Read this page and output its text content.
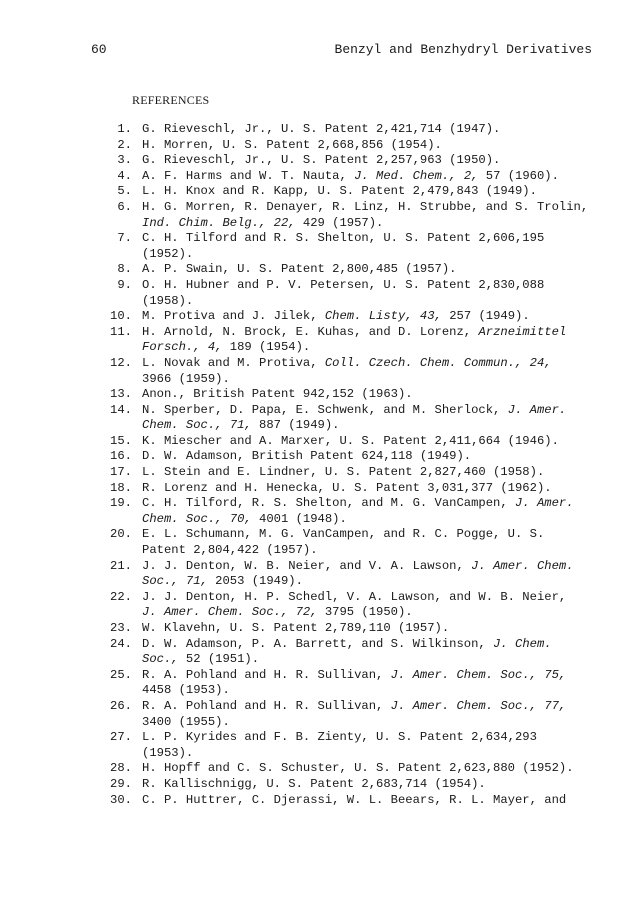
60	Benzyl and Benzhydryl Derivatives
REFERENCES
1. G. Rieveschl, Jr., U. S. Patent 2,421,714 (1947).
2. H. Morren, U. S. Patent 2,668,856 (1954).
3. G. Rieveschl, Jr., U. S. Patent 2,257,963 (1950).
4. A. F. Harms and W. T. Nauta, J. Med. Chem., 2, 57 (1960).
5. L. H. Knox and R. Kapp, U. S. Patent 2,479,843 (1949).
6. H. G. Morren, R. Denayer, R. Linz, H. Strubbe, and S. Trolin,
Ind. Chim. Belg., 22, 429 (1957).
7. C. H. Tilford and R. S. Shelton, U. S. Patent 2,606,195
(1952).
8. A. P. Swain, U. S. Patent 2,800,485 (1957).
9. O. H. Hubner and P. V. Petersen, U. S. Patent 2,830,088
(1958).
10. M. Protiva and J. Jilek, Chem. Listy, 43, 257 (1949).
11. H. Arnold, N. Brock, E. Kuhas, and D. Lorenz, Arzneimittel
Forsch., 4, 189 (1954).
12. L. Novak and M. Protiva, Coll. Czech. Chem. Commun., 24,
3966 (1959).
13. Anon., British Patent 942,152 (1963).
14. N. Sperber, D. Papa, E. Schwenk, and M. Sherlock, J. Amer.
Chem. Soc., 71, 887 (1949).
15. K. Miescher and A. Marxer, U. S. Patent 2,411,664 (1946).
16. D. W. Adamson, British Patent 624,118 (1949).
17. L. Stein and E. Lindner, U. S. Patent 2,827,460 (1958).
18. R. Lorenz and H. Henecka, U. S. Patent 3,031,377 (1962).
19. C. H. Tilford, R. S. Shelton, and M. G. VanCampen, J. Amer.
Chem. Soc., 70, 4001 (1948).
20. E. L. Schumann, M. G. VanCampen, and R. C. Pogge, U. S.
Patent 2,804,422 (1957).
21. J. J. Denton, W. B. Neier, and V. A. Lawson, J. Amer. Chem.
Soc., 71, 2053 (1949).
22. J. J. Denton, H. P. Schedl, V. A. Lawson, and W. B. Neier,
J. Amer. Chem. Soc., 72, 3795 (1950).
23. W. Klavehn, U. S. Patent 2,789,110 (1957).
24. D. W. Adamson, P. A. Barrett, and S. Wilkinson, J. Chem.
Soc., 52 (1951).
25. R. A. Pohland and H. R. Sullivan, J. Amer. Chem. Soc., 75,
4458 (1953).
26. R. A. Pohland and H. R. Sullivan, J. Amer. Chem. Soc., 77,
3400 (1955).
27. L. P. Kyrides and F. B. Zienty, U. S. Patent 2,634,293
(1953).
28. H. Hopff and C. S. Schuster, U. S. Patent 2,623,880 (1952).
29. R. Kallischnigg, U. S. Patent 2,683,714 (1954).
30. C. P. Huttrer, C. Djerassi, W. L. Beears, R. L. Mayer, and
